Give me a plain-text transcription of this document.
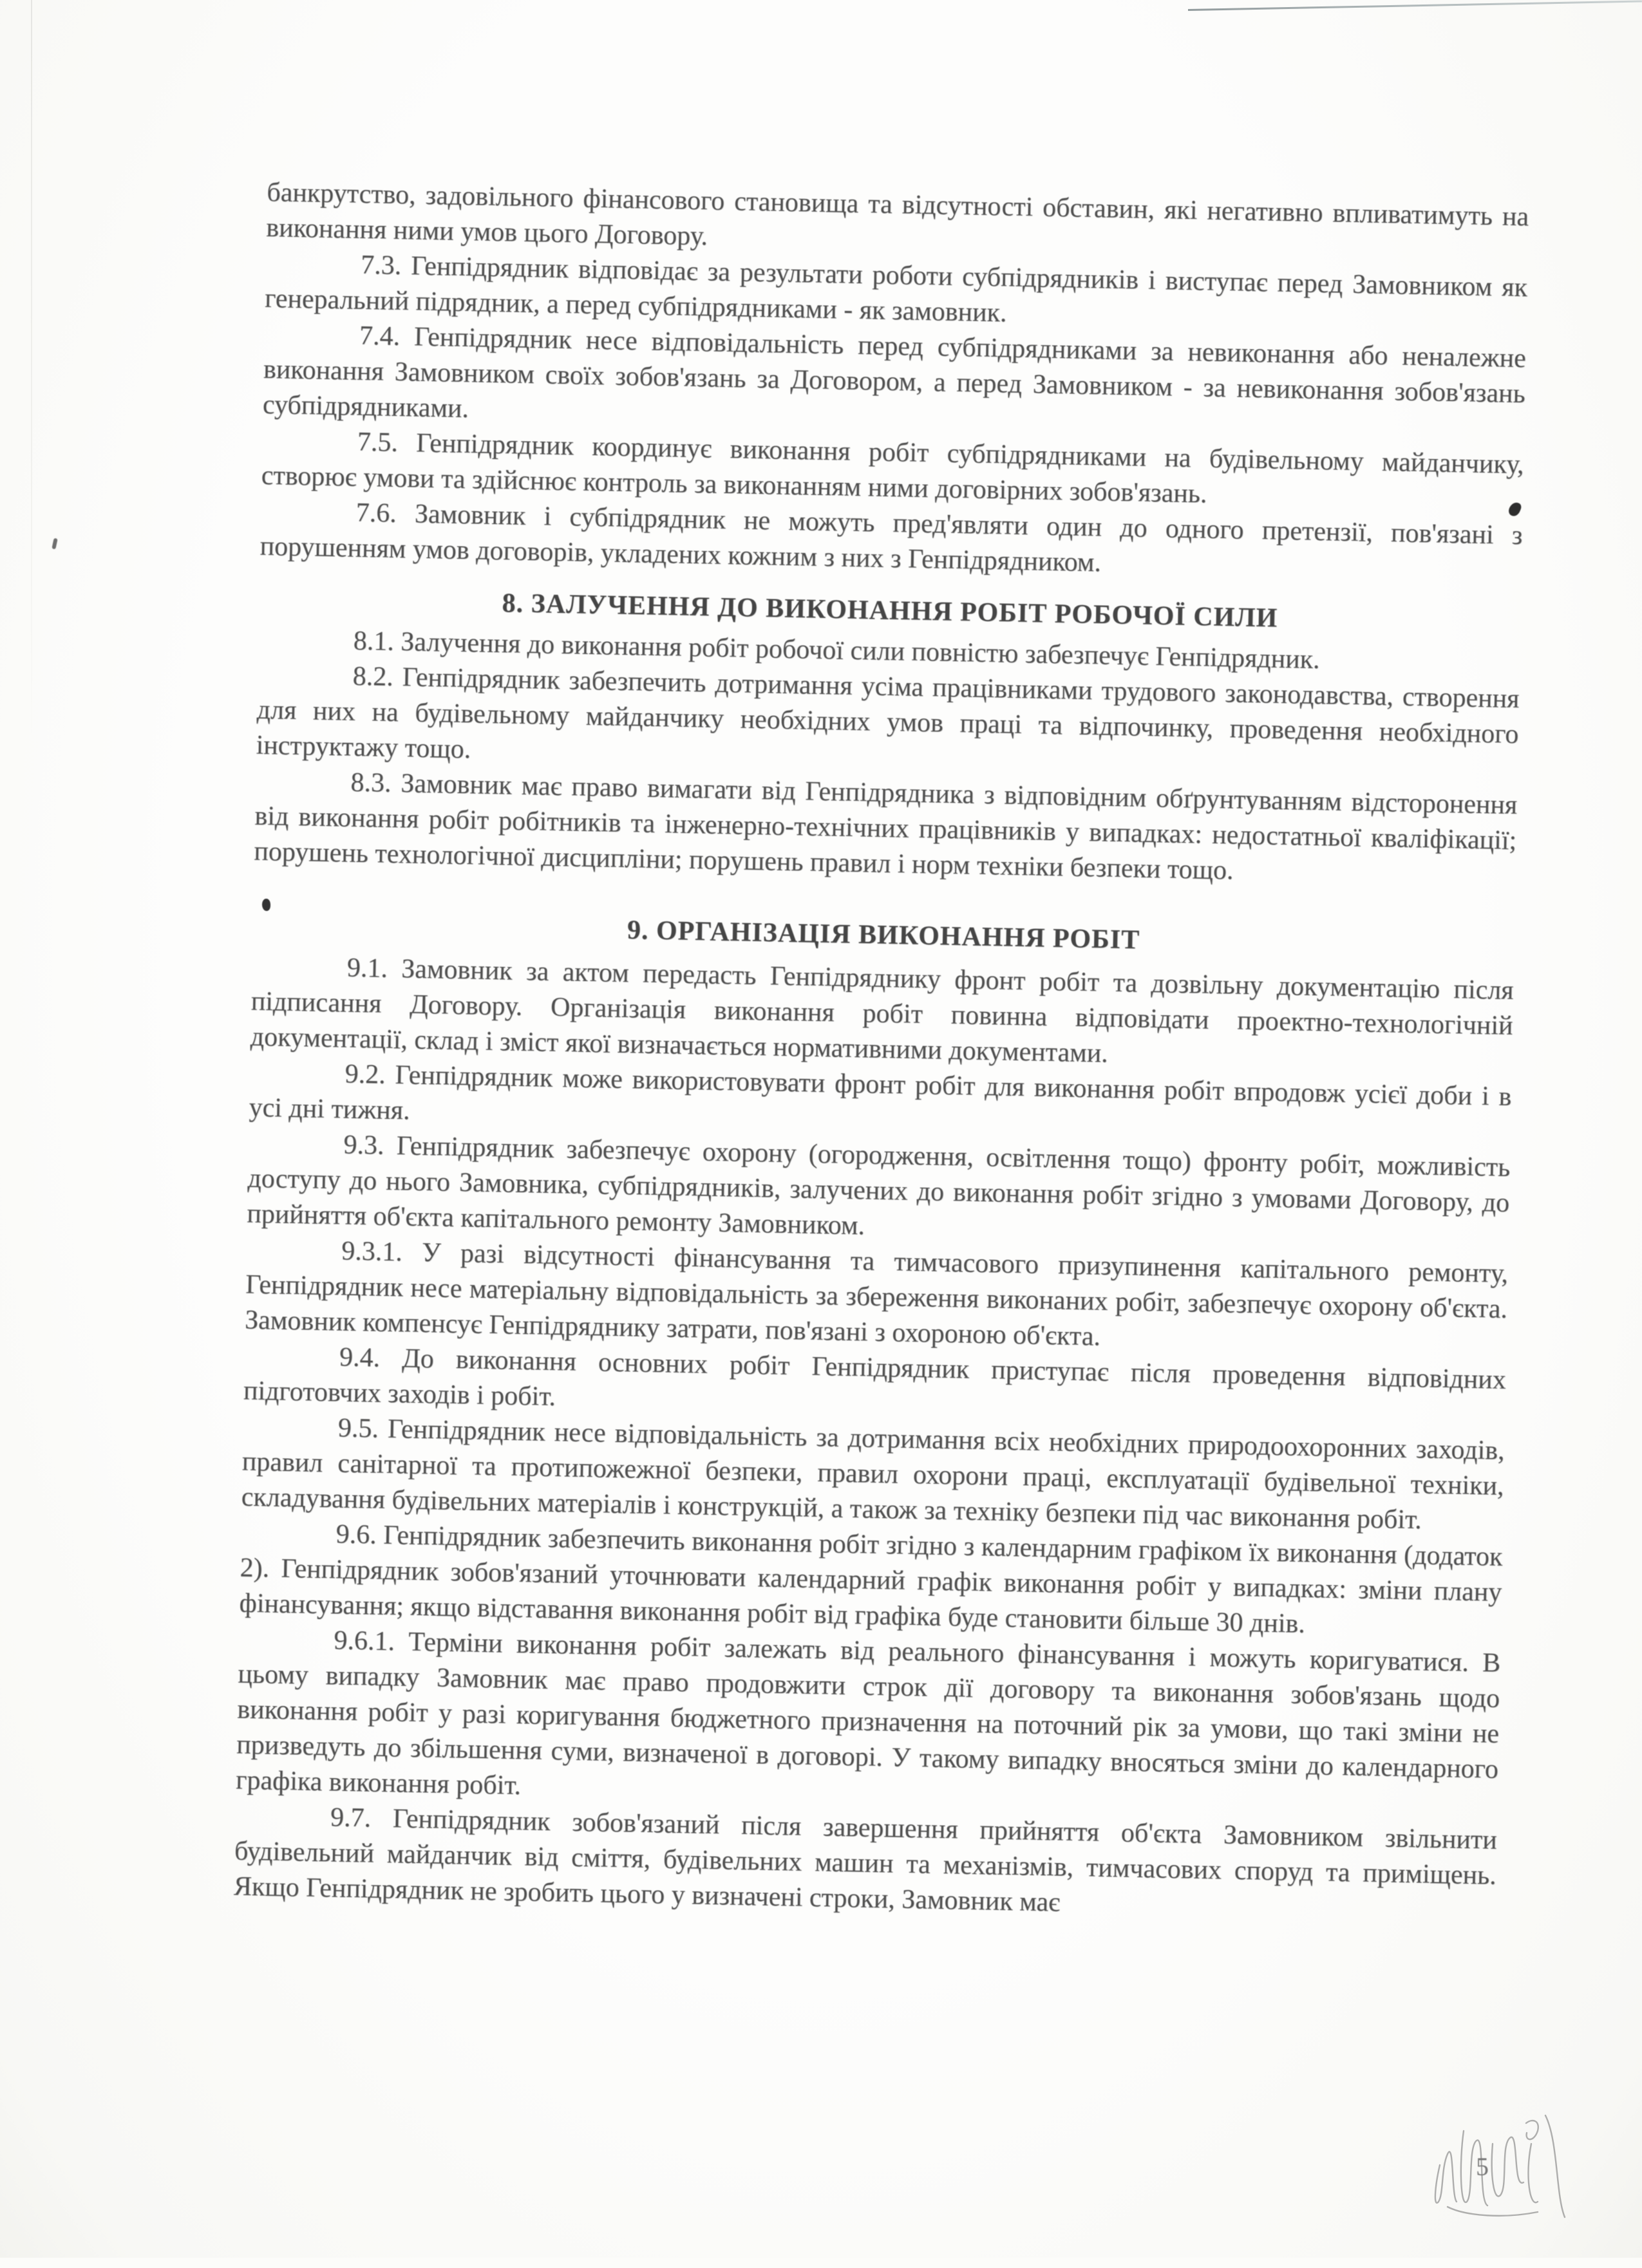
банкрутство, задовільного фінансового становища та відсутності обставин, які негативно впливатимуть на виконання ними умов цього Договору.

7.3. Генпідрядник відповідає за результати роботи субпідрядників і виступає перед Замовником як генеральний підрядник, а перед субпідрядниками - як замовник.

7.4. Генпідрядник несе відповідальність перед субпідрядниками за невиконання або неналежне виконання Замовником своїх зобов'язань за Договором, а перед Замовником - за невиконання зобов'язань субпідрядниками.

7.5. Генпідрядник координує виконання робіт субпідрядниками на будівельному майданчику, створює умови та здійснює контроль за виконанням ними договірних зобов'язань.

7.6. Замовник і субпідрядник не можуть пред'являти один до одного претензії, пов'язані з порушенням умов договорів, укладених кожним з них з Генпідрядником.

8. ЗАЛУЧЕННЯ ДО ВИКОНАННЯ РОБІТ РОБОЧОЇ СИЛИ

8.1. Залучення до виконання робіт робочої сили повністю забезпечує Генпідрядник.

8.2. Генпідрядник забезпечить дотримання усіма працівниками трудового законодавства, створення для них на будівельному майданчику необхідних умов праці та відпочинку, проведення необхідного інструктажу тощо.

8.3. Замовник має право вимагати від Генпідрядника з відповідним обґрунтуванням відсторонення від виконання робіт робітників та інженерно-технічних працівників у випадках: недостатньої кваліфікації; порушень технологічної дисципліни; порушень правил і норм техніки безпеки тощо.

9. ОРГАНІЗАЦІЯ ВИКОНАННЯ РОБІТ

9.1. Замовник за актом передасть Генпідряднику фронт робіт та дозвільну документацію після підписання Договору. Організація виконання робіт повинна відповідати проектно-технологічній документації, склад і зміст якої визначається нормативними документами.

9.2. Генпідрядник може використовувати фронт робіт для виконання робіт впродовж усієї доби і в усі дні тижня.

9.3. Генпідрядник забезпечує охорону (огородження, освітлення тощо) фронту робіт, можливість доступу до нього Замовника, субпідрядників, залучених до виконання робіт згідно з умовами Договору, до прийняття об'єкта капітального ремонту Замовником.

9.3.1. У разі відсутності фінансування та тимчасового призупинення капітального ремонту, Генпідрядник несе матеріальну відповідальність за збереження виконаних робіт, забезпечує охорону об'єкта. Замовник компенсує Генпідряднику затрати, пов'язані з охороною об'єкта.

9.4. До виконання основних робіт Генпідрядник приступає після проведення відповідних підготовчих заходів і робіт.

9.5. Генпідрядник несе відповідальність за дотримання всіх необхідних природоохоронних заходів, правил санітарної та протипожежної безпеки, правил охорони праці, експлуатації будівельної техніки, складування будівельних матеріалів і конструкцій, а також за техніку безпеки під час виконання робіт.

9.6. Генпідрядник забезпечить виконання робіт згідно з календарним графіком їх виконання (додаток 2). Генпідрядник зобов'язаний уточнювати календарний графік виконання робіт у випадках: зміни плану фінансування; якщо відставання виконання робіт від графіка буде становити більше 30 днів.

9.6.1. Терміни виконання робіт залежать від реального фінансування і можуть коригуватися. В цьому випадку Замовник має право продовжити строк дії договору та виконання зобов'язань щодо виконання робіт у разі коригування бюджетного призначення на поточний рік за умови, що такі зміни не призведуть до збільшення суми, визначеної в договорі. У такому випадку вносяться зміни до календарного графіка виконання робіт.

9.7. Генпідрядник зобов'язаний після завершення прийняття об'єкта Замовником звільнити будівельний майданчик від сміття, будівельних машин та механізмів, тимчасових споруд та приміщень. Якщо Генпідрядник не зробить цього у визначені строки, Замовник має

5
